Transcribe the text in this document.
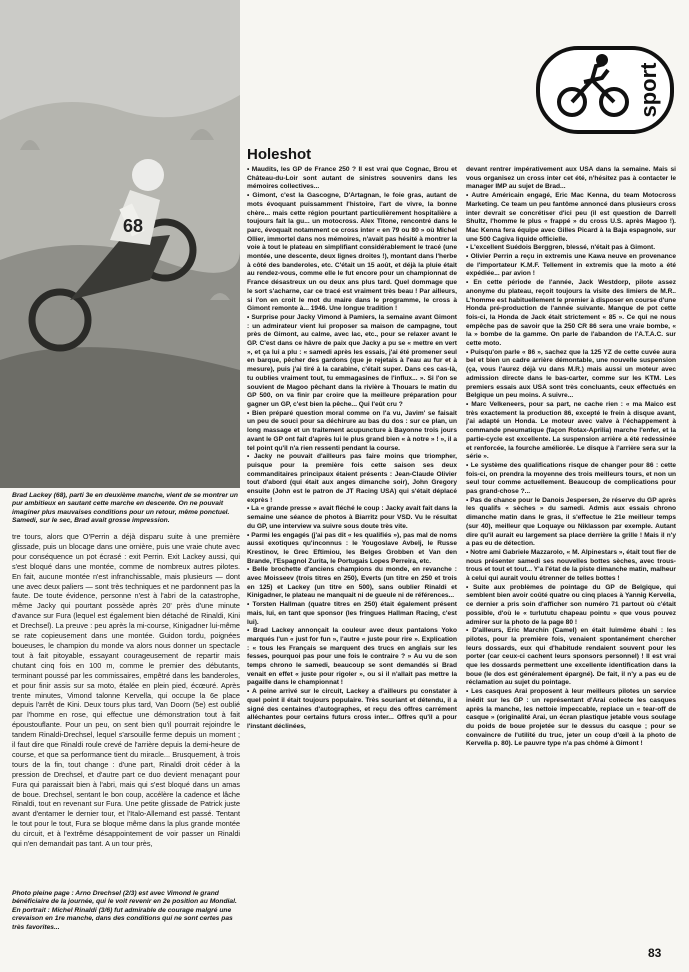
68

Brad Lackey (68), parti 3e en deuxième manche, vient de se montrer un pur ambitieux en sautant cette marche en descente. On ne pouvait imaginer plus mauvaises conditions pour un retour, même ponctuel. Samedi, sur le sec, Brad avait grosse impression.

tre tours, alors que O'Perrin a déjà disparu suite à une première glissade, puis un blocage dans une ornière, puis une vraie chute avec pour conséquence un pot écrasé : exit Perrin. Exit Lackey aussi, qui s'est bloqué dans une montée, comme de nombreux autres pilotes. En fait, aucune montée n'est infranchissable, mais plusieurs — dont une avec deux paliers — sont très techniques et ne pardonnent pas la faute. De toute évidence, personne n'est à l'abri de la catastrophe, même Jacky qui pourtant possède après 20' près d'une minute d'avance sur Fura (lequel est également bien détaché de Rinaldi, Kini et Drechsel). La preuve : peu après la mi-course, Kinigadner lui-même se rate copieusement dans une montée. Guidon tordu, poignées boueuses, le champion du monde va alors nous donner un spectacle tout à fait pitoyable, essayant courageusement de repartir mais chutant cinq fois en 100 m, comme le premier des débutants, terminant poussé par les commissaires, empêtré dans les banderoles, et pour finir assis sur sa moto, étalée en plein pied, écœuré. Après trente minutes, Vimond talonne Kervella, qui occupe la 6e place depuis l'arrêt de Kini. Deux tours plus tard, Van Doorn (5e) est oublié par l'homme en rose, qui effectue une démonstration tout à fait époustouflante. Pour un peu, on sent bien qu'il pourrait rejoindre le tandem Rinaldi-Drechsel, lequel s'arsouille ferme depuis un moment ; il faut dire que Rinaldi roule crevé de l'arrière depuis la demi-heure de course, et que sa performance tient du miracle... Brusquement, à trois tours de la fin, tout change : d'une part, Rinaldi droit céder à la pression de Drechsel, et d'autre part ce duo devient menaçant pour Fura qui paraissait bien à l'abri, mais qui s'est bloqué dans un amas de boue. Drechsel, sentant le bon coup, accélère la cadence et lâche Rinaldi, tout en revenant sur Fura. Une petite glissade de Patrick juste avant d'entamer le dernier tour, et l'Italo-Allemand est passé. Tentant le tout pour le tout, Fura se bloque même dans la plus grande montée du circuit, et à l'extrême désappointement de voir passer un Rinaldi qui n'en demandait pas tant. A un tour près,

Photo pleine page : Arno Drechsel (2/3) est avec Vimond le grand bénéficiaire de la journée, qui le voit revenir en 2e position au Mondial. En portrait : Michel Rinaldi (3/6) fut admirable de courage malgré une crevaison en 1re manche, dans des conditions qui ne sont certes pas très favorites...

sport
Holeshot

• Maudits, les GP de France 250 ? Il est vrai que Cognac, Brou et Château-du-Loir sont autant de sinistres souvenirs dans les mémoires collectives...

• Gimont, c'est la Gascogne, D'Artagnan, le foie gras, autant de mots évoquant puissamment l'histoire, l'art de vivre, la bonne chère... mais cette région pourtant particulièrement hospitalière a toujours fait la gu... un motocross. Alex Titone, rencontré dans le parc, évoquait notamment ce cross inter « en 79 ou 80 » où Michel Ollier, immortel dans nos mémoires, n'avait pas hésité à montrer la voie à tout le plateau en simplifiant considérablement le tracé (une montée, une descente, deux lignes droites !), montant dans l'herbe à côté des banderoles, etc. C'était un 15 août, et déjà la pluie était au rendez-vous, comme elle le fut encore pour un championnat de France désastreux un ou deux ans plus tard. Quel dommage que le sort s'acharne, car ce tracé est vraiment très beau ! Par ailleurs, si l'on en croit le mot du maire dans le programme, le cross à Gimont remonte à... 1946. Une longue tradition !

• Surprise pour Jacky Vimond à Pamiers, la semaine avant Gimont : un admirateur vient lui proposer sa maison de campagne, tout près de Gimont, au calme, avec lac, etc., pour se relaxer avant le GP. C'est dans ce hâvre de paix que Jacky a pu se « mettre en vert », et ça lui a plu : « samedi après les essais, j'ai été promener seul en barque, pêcher des gardons (que je rejetais à l'eau au fur et à mesure), puis j'ai tiré à la carabine, c'était super. Dans ces cas-là, tu oublies vraiment tout, tu emmagasines de l'influx... ». Si l'on se souvient de Magoo pêchant dans la rivière à Thouars le matin du GP 500, on va finir par croire que la meilleure préparation pour gagner un GP, c'est bien la pêche... Qui l'eût cru ?

• Bien préparé question moral comme on l'a vu, Javim' se faisait un peu de souci pour sa déchirure au bas du dos : sur ce plan, un long massage et un traitement acupuncture à Bayonne trois jours avant le GP ont fait d'après lui le plus grand bien « à notre » ! », il a tel point qu'il n'a rien ressenti pendant la course.

• Jacky ne pouvait d'ailleurs pas faire moins que triompher, puisque pour la première fois cette saison ses deux commanditaires principaux étaient présents : Jean-Claude Olivier tout d'abord (qui était aux anges dimanche soir), John Gregory ensuite (John est le patron de JT Racing USA) qui s'était déplacé exprès !

• La « grande presse » avait fléché le coup : Jacky avait fait dans la semaine une séance de photos à Biarritz pour VSD. Vu le résultat du GP, une interview va suivre sous doute très vite.

• Parmi les engagés (j'ai pas dit « les qualifiés »), pas mal de noms aussi exotiques qu'inconnus : le Yougoslave Avbelj, le Russe Krestinov, le Grec Eftimiou, les Belges Grobben et Van den Brande, l'Espagnol Zurita, le Portugais Lopes Perreira, etc.

• Belle brochette d'anciens champions du monde, en revanche : avec Moisseev (trois titres en 250), Everts (un titre en 250 et trois en 125) et Lackey (un titre en 500), sans oublier Rinaldi et Kinigadner, le plateau ne manquait ni de gueule ni de références...

• Torsten Hallman (quatre titres en 250) était également présent mais, lui, en tant que sponsor (les fringues Hallman Racing, c'est lui).

• Brad Lackey annonçait la couleur avec deux pantalons Yoko marqués l'un « just for fun », l'autre « juste pour rire ». Explication : « tous les Français se marquent des trucs en anglais sur les fesses, pourquoi pas pour une fois le contraire ? » Au vu de son temps chrono le samedi, beaucoup se sont demandés si Brad venait en effet « juste pour rigoler », ou si il n'allait pas mettre la pagaille dans le championnat !

• A peine arrivé sur le circuit, Lackey a d'ailleurs pu constater à quel point il était toujours populaire. Très souriant et détendu, il a signé des centaines d'autographes, et reçu des offres carrément alléchantes pour certains futurs cross inter... Offres qu'il a pour l'instant déclinées,

devant rentrer impérativement aux USA dans la semaine. Mais si vous organisez un cross inter cet été, n'hésitez pas à contacter le manager IMP au sujet de Brad...

• Autre Américain engagé, Eric Mac Kenna, du team Motocross Marketing. Ce team un peu fantôme annoncé dans plusieurs cross inter devrait se concrétiser d'ici peu (il est question de Darrell Shultz, l'homme le plus « frappé » du cross U.S. après Magoo !). Mac Kenna fera équipe avec Gilles Picard à la Baja espagnole, sur une 500 Cagiva liquide officielle.

• L'excellent Suédois Berggren, blessé, n'était pas à Gimont.

• Olivier Perrin a reçu in extremis une Kawa neuve en provenance de l'importateur K.M.F. Tellement in extremis que la moto a été expédiée... par avion !

• En cette période de l'année, Jack Westdorp, pilote assez anonyme du plateau, reçoit toujours la visite des limiers de M.R.. L'homme est habituellement le premier à disposer en course d'une Honda pré-production de l'année suivante. Manque de pot cette fois-ci, la Honda de Jack était strictement « 85 ». Ce qui ne nous empêche pas de savoir que la 250 CR 86 sera une vraie bombe, « la » bombe de la gamme. On parle de l'abandon de l'A.T.A.C. sur cette moto.

• Puisqu'on parle « 86 », sachez que la 125 YZ de cette cuvée aura bel et bien un cadre arrière démontable, une nouvelle suspension (ça, vous l'aurez déjà vu dans M.R.) mais aussi un moteur avec admission directe dans le bas-carter, comme sur les KTM. Les premiers essais aux USA sont très concluants, ceux effectués en Belgique un peu moins. A suivre...

• Marc Velkeneers, pour sa part, ne cache rien : « ma Maico est très exactement la production 86, excepté le frein à disque avant, j'ai adapté un Honda. Le moteur avec valve à l'échappement à commande pneumatique (façon Rotax-Aprilia) marche l'enfer, et la partie-cycle est excellente. La suspension arrière a été redessinée et renforcée, la fourche améliorée. Le disque à l'arrière sera sur la série ».

• Le système des qualifications risque de changer pour 86 : cette fois-ci, on prendra la moyenne des trois meilleurs tours, et non un seul tour comme actuellement. Beaucoup de complications pour pas grand-chose ?...

• Pas de chance pour le Danois Jespersen, 2e réserve du GP après les qualifs « sèches » du samedi. Admis aux essais chrono dimanche matin dans le gras, il s'effectue le 21e meilleur temps (sur 40), meilleur que Loquaye ou Niklasson par exemple. Autant dire qu'il aurait eu largement sa place derrière la grille ! Mais il n'y a pas eu de détection.

• Notre ami Gabriele Mazzarolo, « M. Alpinestars », était tout fier de nous présenter samedi ses nouvelles bottes sèches, avec trous-trous et tout et tout... Y'a l'état de la piste dimanche matin, malheur à celui qui aurait voulu étrenner de telles bottes !

• Suite aux problèmes de pointage du GP de Belgique, qui semblent bien avoir coûté quatre ou cinq places à Yannig Kervella, ce dernier a pris soin d'afficher son numéro 71 partout où c'était possible, d'où le « turlututu chapeau pointu » que vous pouvez admirer sur la photo de la page 80 !

• D'ailleurs, Eric Marchin (Camel) en était luimême ébahi : les pilotes, pour la première fois, venaient spontanément chercher leurs dossards, eux qui d'habitude rendaient souvent pour les porter (car ceux-ci cachent leurs sponsors personnel) ! Il est vrai que les dossards permettent une excellente identification dans la boue (le dos est généralement épargné). De fait, il n'y a pas eu de réclamation au sujet du pointage.

• Les casques Arai proposent à leur meilleurs pilotes un service inédit sur les GP : un représentant d'Arai collecte les casques après la manche, les nettoie impeccable, replace un « tear-off de casque » (originalité Arai, un écran plastique jetable vous soulage du poids de boue projetée sur le dessus du casque ; pour se convaincre de l'utilité du truc, jeter un coup d'œil à la photo de Kervella p. 80). Le pauvre type n'a pas chômé à Gimont !

83
